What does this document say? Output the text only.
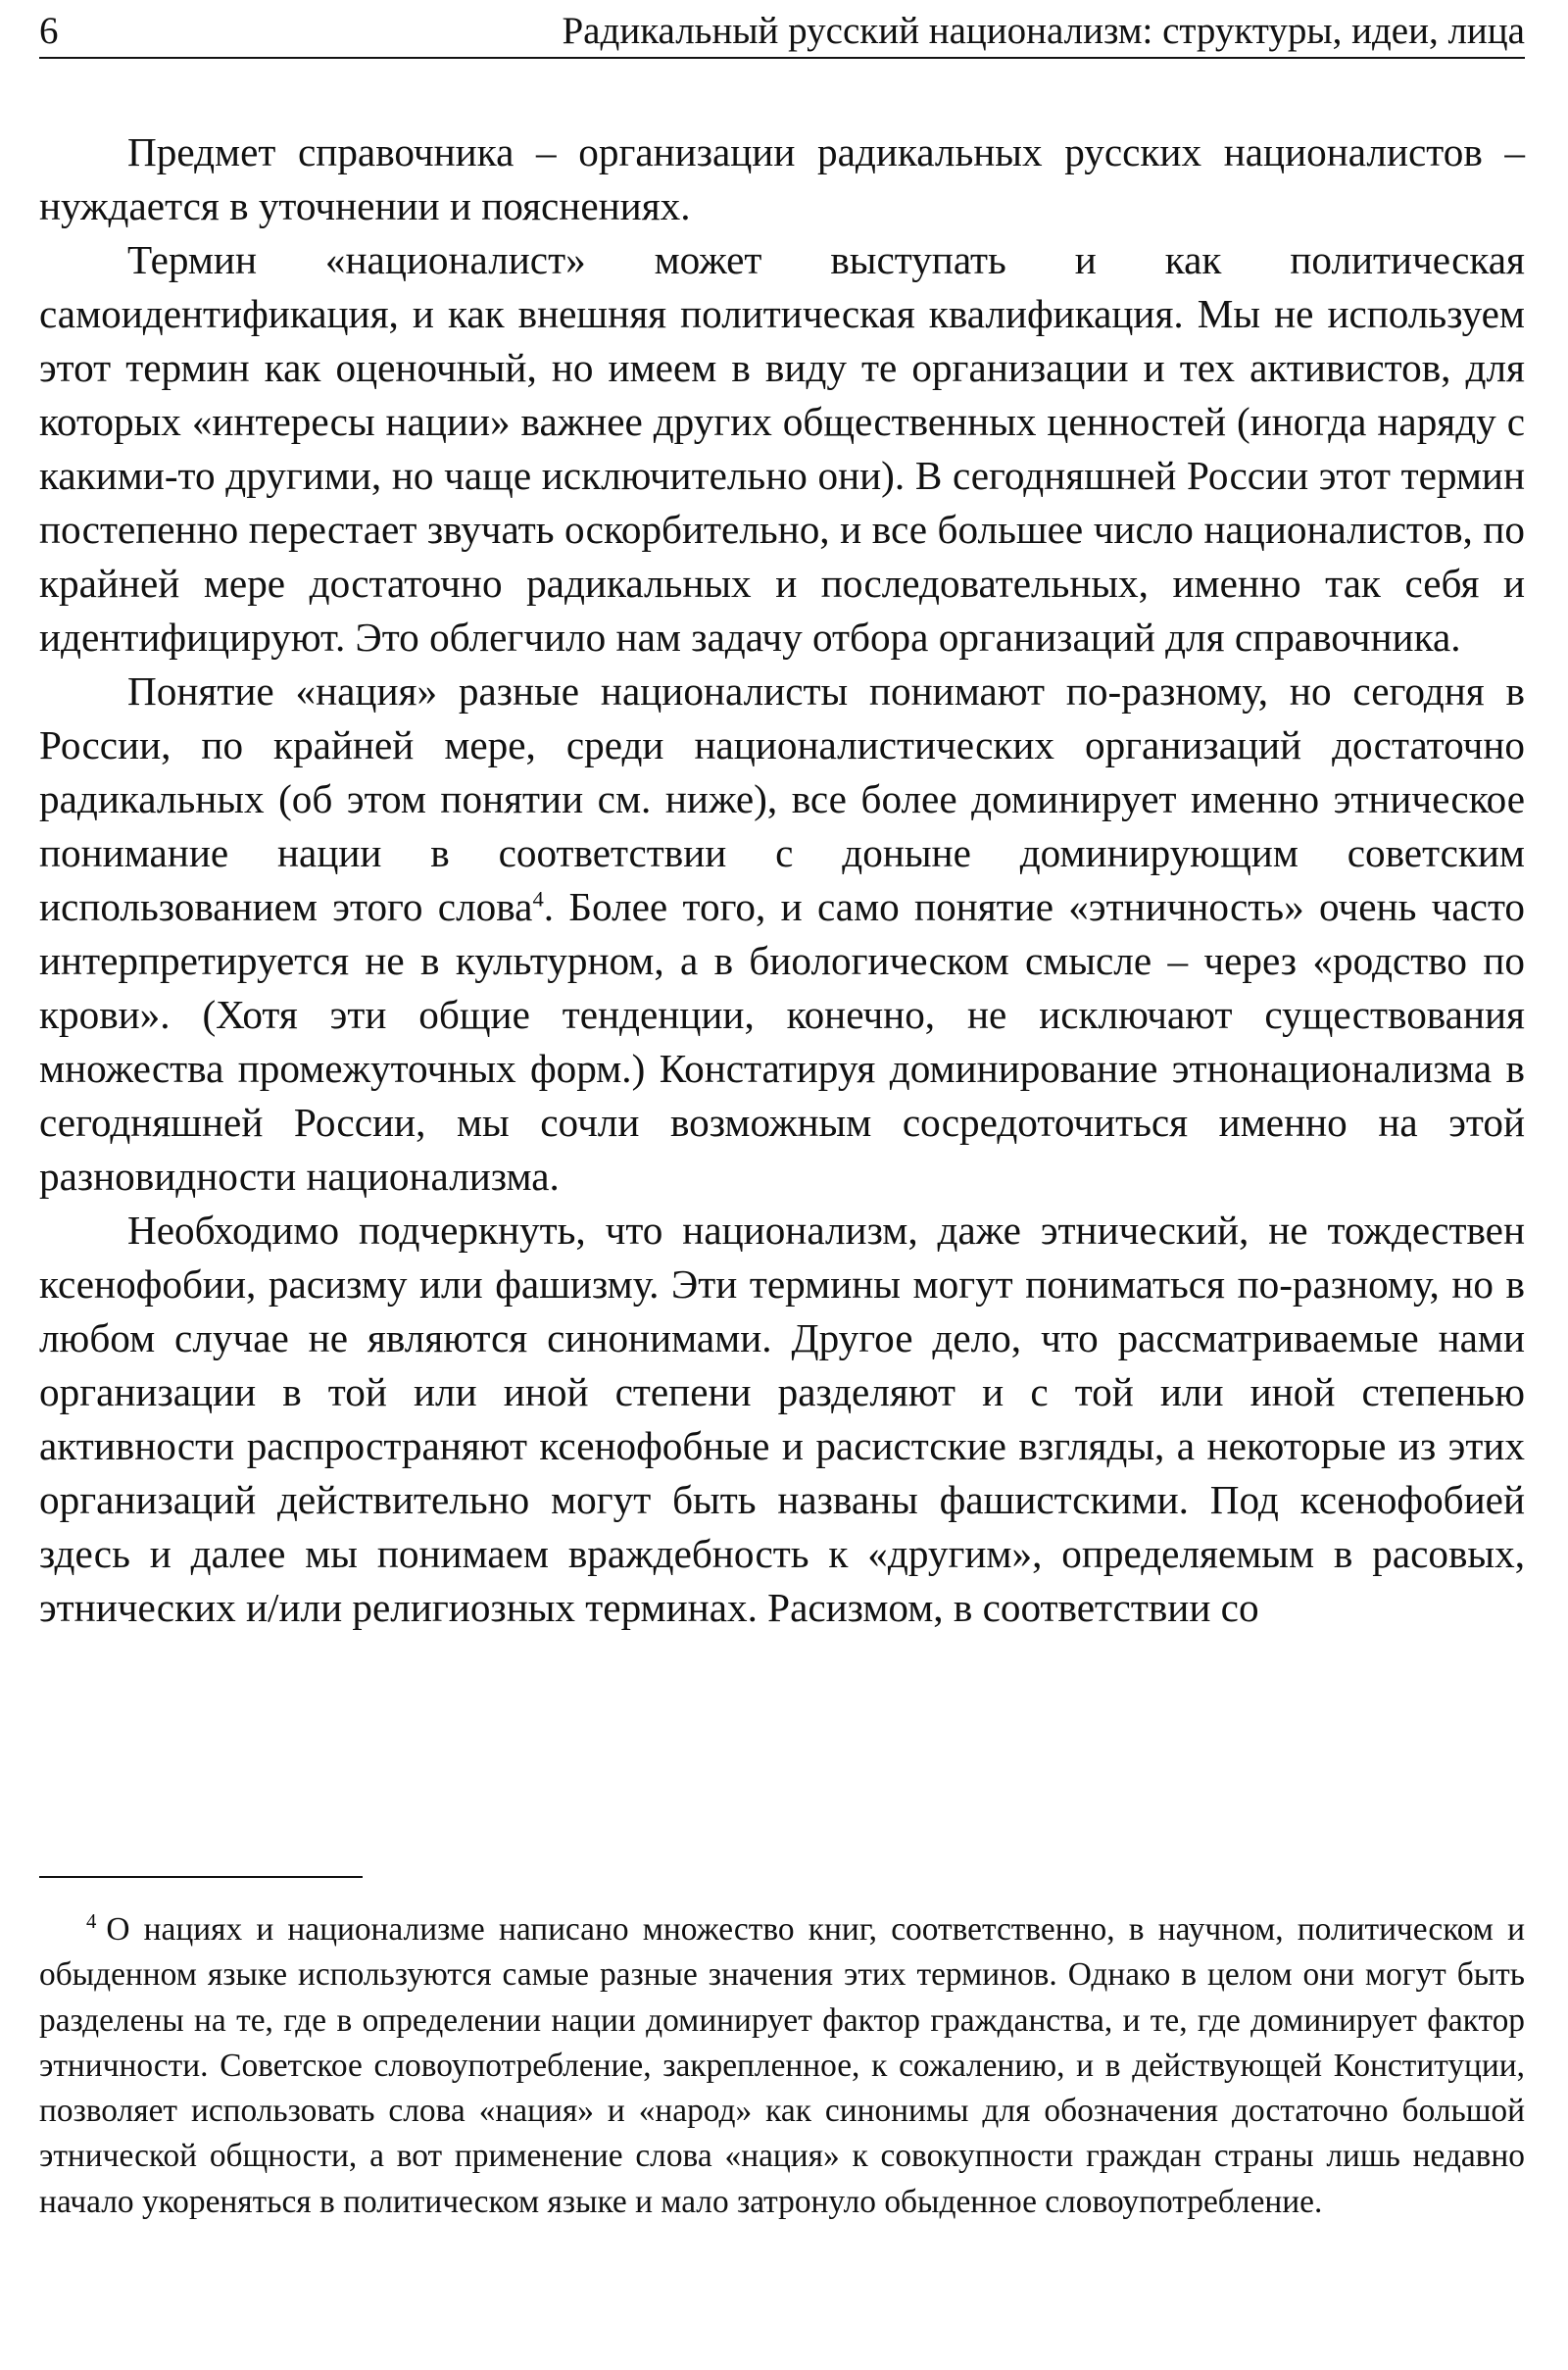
6	Радикальный русский национализм: структуры, идеи, лица

Предмет справочника – организации радикальных русских националистов – нуждается в уточнении и пояснениях.

Термин «националист» может выступать и как политическая самоидентификация, и как внешняя политическая квалификация. Мы не используем этот термин как оценочный, но имеем в виду те организации и тех активистов, для которых «интересы нации» важнее других общественных ценностей (иногда наряду с какими-то другими, но чаще исключительно они). В сегодняшней России этот термин постепенно перестает звучать оскорбительно, и все большее число националистов, по крайней мере достаточно радикальных и последовательных, именно так себя и идентифицируют. Это облегчило нам задачу отбора организаций для справочника.

Понятие «нация» разные националисты понимают по-разному, но сегодня в России, по крайней мере, среди националистических организаций достаточно радикальных (об этом понятии см. ниже), все более доминирует именно этническое понимание нации в соответствии с доныне доминирующим советским использованием этого слова$^4$. Более того, и само понятие «этничность» очень часто интерпретируется не в культурном, а в биологическом смысле – через «родство по крови». (Хотя эти общие тенденции, конечно, не исключают существования множества промежуточных форм.) Констатируя доминирование этнонационализма в сегодняшней России, мы сочли возможным сосредоточиться именно на этой разновидности национализма.

Необходимо подчеркнуть, что национализм, даже этнический, не тождествен ксенофобии, расизму или фашизму. Эти термины могут пониматься по-разному, но в любом случае не являются синонимами. Другое дело, что рассматриваемые нами организации в той или иной степени разделяют и с той или иной степенью активности распространяют ксенофобные и расистские взгляды, а некоторые из этих организаций действительно могут быть названы фашистскими. Под ксенофобией здесь и далее мы понимаем враждебность к «другим», определяемым в расовых, этнических и/или религиозных терминах. Расизмом, в соответствии со

$^4$ О нациях и национализме написано множество книг, соответственно, в научном, политическом и обыденном языке используются самые разные значения этих терминов. Однако в целом они могут быть разделены на те, где в определении нации доминирует фактор гражданства, и те, где доминирует фактор этничности. Советское словоупотребление, закрепленное, к сожалению, и в действующей Конституции, позволяет использовать слова «нация» и «народ» как синонимы для обозначения достаточно большой этнической общности, а вот применение слова «нация» к совокупности граждан страны лишь недавно начало укореняться в политическом языке и мало затронуло обыденное словоупотребление.
